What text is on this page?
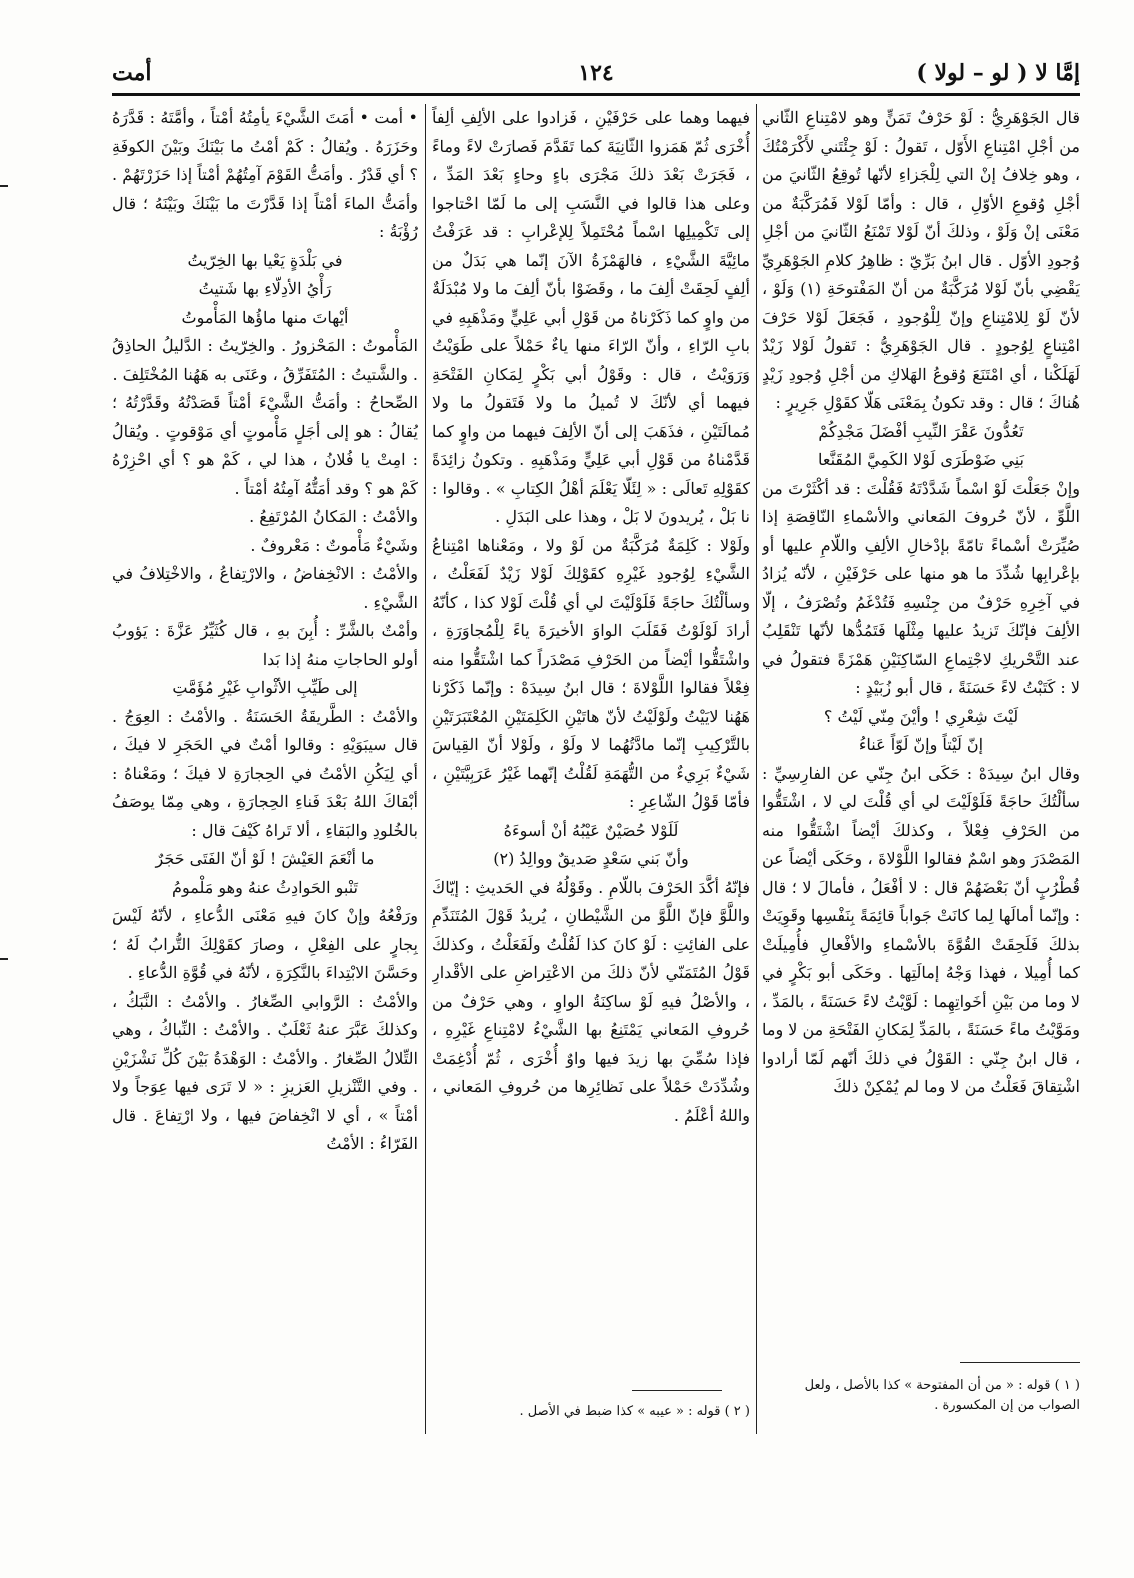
إمَّا لا ( لو – لولا )
١٢٤
أمت

قال الجَوْهَرِيُّ : لَوْ حَرْفٌ تَمَنٍّ وهو لامْتِناعِ الثّاني من أجْلِ امْتِناعِ الأَوّل ، تَقولُ : لَوْ جِئْتَني لأَكْرَمْتُكَ ، وهو خِلافُ إنْ التي لِلْجَزاءِ لأنّها تُوقِعُ الثّانيَ من أجْلِ وُقوعِ الأوّلِ ، قال : وأمّا لَوْلا فَمُرَكَّبَةٌ من مَعْنَى إنْ وَلَوْ ، وذلكَ أنّ لَوْلا تَمْنَعُ الثّانيَ من أجْلِ وُجودِ الأوّل . قال ابنُ بَرِّيّ : ظاهِرُ كلامِ الجَوْهَرِيِّ يَقْضِي بأنّ لَوْلا مُرَكَّبَةٌ من أنّ المَفْتوحَةِ (١) وَلَوْ ، لأنّ لَوْ لِلامْتِناعِ وإنّ لِلْوُجودِ ، فَجَعَلَ لَوْلا حَرْفَ امْتِناعٍ لِوُجودٍ . قال الجَوْهَرِيُّ : تَقولُ لَوْلا زَيْدٌ لَهَلَكْنا ، أي امْتَنَعَ وُقوعُ الهَلاكِ من أجْلِ وُجودِ زَيْدٍ هُناكَ ؛ قال : وقد تكونُ بِمَعْنَى هَلّا كقَوْلِ جَرِيرٍ :

تَعُدُّونَ عَقْرَ النِّيبِ أفْضَلَ مَجْدِكُمْ

بَنِي ضَوْطَرَى لَوْلا الكَمِيَّ المُقَنَّعا

وإنْ جَعَلْتَ لَوْ اسْماً شَدَّدْتَهُ فَقُلْتَ : قد أكْثَرْتَ من اللَّوِّ ، لأنّ حُروفَ المَعاني والأسْماءِ النّاقِصَةِ إذا صُيِّرَتْ أسْماءً تامّةً بإدْخالِ الألِفِ واللّامِ عليها أو بإعْرابِها شُدِّدَ ما هو منها على حَرْفَيْنِ ، لأنّه يُزادُ في آخِرِهِ حَرْفٌ من جِنْسِهِ فَتُدْغَمُ وتُصْرَفُ ، إلّا الألِفَ فإنّكَ تَزيدُ عليها مِثْلَها فَتَمُدُّها لأنّها تَنْقَلِبُ عند التَّحْريكِ لاجْتِماعِ السّاكِنَيْنِ هَمْزَةً فتقولُ في لا : كَتَبْتُ لاءً حَسَنَةً ، قال أبو زُبَيْدٍ :

لَيْتَ شِعْرِي ! وأيْنَ مِنّي لَيْتُ ؟

إنّ لَيْتاً وإنّ لَوّاً عَناءُ

وقال ابنُ سِيدَهْ : حَكَى ابنُ جِنّي عن الفارِسِيِّ : سألْتُكَ حاجَةً فَلَوْلَيْتَ لي أي قُلْتَ لي لا ، اشْتَقُّوا من الحَرْفِ فِعْلاً ، وكذلكَ أيْضاً اشْتَقُّوا منه المَصْدَرَ وهو اسْمٌ فقالوا اللَّوْلاةَ ، وحَكَى أيْضاً عن قُطْرُبٍ أنّ بَعْضَهُمْ قال : لا أفْعَلُ ، فأمالَ لا ؛ قال : وإنّما أمالَها لِما كانَتْ جَواباً قائِمَةً بِنَفْسِها وقَوِيَتْ بذلكَ فَلَحِقَتْ القُوَّةَ بالأسْماءِ والأفْعالِ فأُمِيلَتْ كما أُمِيلا ، فهذا وَجْهُ إمالَتِها . وحَكَى أبو بَكْرٍ في لا وما من بَيْنِ أخَواتِهِما : لَوَّيْتُ لاءً حَسَنَةً ، بالمَدِّ ، ومَوَّيْتُ ماءً حَسَنَةً ، بالمَدِّ لِمَكانِ الفَتْحَةِ من لا وما ، قال ابنُ جِنّي : القَوْلُ في ذلكَ أنّهم لَمّا أرادوا اشْتِقاقَ فَعَلْتُ من لا وما لم يُمْكِنْ ذلكَ

فيهما وهما على حَرْفَيْنِ ، فَزادوا على الألِفِ ألِفاً أُخْرَى ثُمّ هَمَزوا الثّانِيَةَ كما تَقَدَّمَ فَصارَتْ لاءً وماءً ، فَجَرَتْ بَعْدَ ذلكَ مَجْرَى باءٍ وحاءٍ بَعْدَ المَدِّ ، وعلى هذا قالوا في النَّسَبِ إلى ما لَمّا احْتاجوا إلى تَكْمِيلِها اسْماً مُحْتَمِلاً لِلإعْرابِ : قد عَرَفْتُ مائِيَّةَ الشَّيْءِ ، فالهَمْزَةُ الآنَ إنّما هي بَدَلٌ من ألِفٍ لَحِقَتْ ألِفَ ما ، وقَضَوْا بأنّ ألِفَ ما ولا مُبْدَلَةٌ من واوٍ كما ذَكَرْناهُ من قَوْلِ أبي عَلِيٍّ ومَذْهَبِهِ في بابِ الرّاءِ ، وأنّ الرّاءَ منها ياءٌ حَمْلاً على طَوَيْتُ وَرَوَيْتُ ، قال : وقَوْلُ أبي بَكْرٍ لِمَكانِ الفَتْحَةِ فيهما أي لأنّكَ لا تُميلُ ما ولا فَتَقولُ ما ولا مُمالَتَيْنِ ، فذَهَبَ إلى أنّ الألِفَ فيهما من واوٍ كما قَدَّمْناهُ من قَوْلِ أبي عَلِيٍّ ومَذْهَبِهِ . وتكونُ زائِدَةً كقَوْلِهِ تَعالَى : « لِئَلّا يَعْلَمَ أهْلُ الكِتابِ » . وقالوا : نا بَلْ ، يُريدونَ لا بَلْ ، وهذا على البَدَلِ .

ولَوْلا : كَلِمَةٌ مُرَكَّبَةٌ من لَوْ ولا ، ومَعْناها امْتِناعُ الشَّيْءِ لِوُجودِ غَيْرِهِ كقَوْلِكَ لَوْلا زَيْدٌ لَفَعَلْتُ ، وسألْتُكَ حاجَةً فَلَوْلَيْتَ لي أي قُلْتَ لَوْلا كذا ، كأنّهُ أرادَ لَوْلَوْتُ فَقَلَبَ الواوَ الأخيرَةَ ياءً لِلْمُجاوَرَةِ ، واشْتَقُّوا أيْضاً من الحَرْفِ مَصْدَراً كما اشْتَقُّوا منه فِعْلاً فقالوا اللَّوْلاةَ ؛ قال ابنُ سِيدَهْ : وإنّما ذَكَرْنا هَهُنا لايَيْتُ ولَوْلَيْتُ لأنّ هاتَيْنِ الكَلِمَتَيْنِ المُعْتَبَرَتَيْنِ بالتَّرْكِيبِ إنّما مادَّتُهُما لا ولَوْ ، ولَوْلا أنّ القِياسَ شَيْءٌ بَرِيءٌ من التُّهَمَةِ لَقُلْتُ إنّهما غَيْرُ عَرَبِيَّتَيْنِ ، فأمّا قَوْلُ الشّاعِرِ :

لَلَوْلا حُصَيْنٌ عَيْبُهُ أنْ أسوءَهُ

وأنّ بَني سَعْدٍ صَديقٌ ووالِدُ (٢)

فإنّهُ أكَّدَ الحَرْفَ باللّامِ . وقَوْلُهُ في الحَديثِ : إيّاكَ واللَّوَّ فإنّ اللَّوَّ من الشَّيْطانِ ، يُريدُ قَوْلَ المُتَنَدِّمِ على الفائِتِ : لَوْ كانَ كذا لَقُلْتُ ولَفَعَلْتُ ، وكذلكَ قَوْلُ المُتَمَنّي لأنّ ذلكَ من الاعْتِراضِ على الأقْدارِ ، والأصْلُ فيهِ لَوْ ساكِنَةُ الواوِ ، وهي حَرْفٌ من حُروفِ المَعاني يَمْتَنِعُ بها الشَّيْءُ لامْتِناعِ غَيْرِهِ ، فإذا سُمِّيَ بها زيدَ فيها واوٌ أُخْرَى ، ثُمّ أُدْغِمَتْ وشُدِّدَتْ حَمْلاً على نَظائِرِها من حُروفِ المَعاني ، واللهُ أعْلَمُ .

• أمت • أمَتَ الشَّيْءَ يأمِتُهُ أمْتاً ، وأمَّتَهُ : قَدَّرَهُ وحَزَرَهُ . ويُقالُ : كَمْ أمْتُ ما بَيْنَكَ وبَيْنَ الكوفَةِ ؟ أي قَدْرُ . وأمَتُّ القَوْمَ آمِتُهُمْ أمْتاً إذا حَزَرْتَهُمْ . وأمَتُّ الماءَ أمْتاً إذا قَدَّرْتَ ما بَيْنَكَ وبَيْنَهُ ؛ قال رُؤْبَةُ :

في بَلْدَةٍ يَعْيا بها الخِرّيتُ

رَأْيُ الأدِلّاءِ بها شَتيتُ

أيْهاتَ منها ماؤُها المَأْموتُ

المَأْموتُ : المَحْزورُ . والخِرّيتُ : الدَّليلُ الحاذِقُ . والشَّتيتُ : المُتَفَرِّقُ ، وعَنَى به هَهُنا المُخْتَلِفَ .

الصِّحاحُ : وأمَتُّ الشَّيْءَ أمْتاً قَصَدْتُهُ وقَدَّرْتُهُ ؛ يُقالُ : هو إلى أجَلٍ مَأْموتٍ أي مَوْقوتٍ . ويُقالُ : امِتْ يا فُلانُ ، هذا لي ، كَمْ هو ؟ أي احْزِرْهُ كَمْ هو ؟ وقد أمَتُّهُ آمِتُهُ أمْتاً .

والأمْتُ : المَكانُ المُرْتَفِعُ .

وشَيْءٌ مَأْموتٌ : مَعْروفٌ .

والأمْتُ : الانْخِفاضُ ، والارْتِفاعُ ، والاخْتِلافُ في الشَّيْءِ .

وأمْتٌ بالشَّرِّ : أُبِنَ بهِ ، قال كُثَيِّرُ عَزَّةَ : يَؤوبُ أولو الحاجاتِ منهُ إذا بَدا

إلى طَيِّبِ الأثْوابِ غَيْرِ مُؤَمَّتِ

والأمْتُ : الطَّريقَةُ الحَسَنَةُ . والأمْتُ : العِوَجُ . قال سيبَوَيْهِ : وقالوا أمْتٌ في الحَجَرِ لا فيكَ ، أي لِيَكُنِ الأمْتُ في الحِجارَةِ لا فيكَ ؛ ومَعْناهُ : أبْقاكَ اللهُ بَعْدَ فَناءِ الحِجارَةِ ، وهي مِمّا يوصَفُ بالخُلودِ والبَقاءِ ، ألا تَراهُ كَيْفَ قال :

ما أنْعَمَ العَيْشَ ! لَوْ أنّ الفَتَى حَجَرٌ

تَنْبو الحَوادِثُ عنهُ وهو مَلْمومُ

ورَفْعُهُ وإنْ كانَ فيهِ مَعْنَى الدُّعاءِ ، لأنّهُ لَيْسَ بِجارٍ على الفِعْلِ ، وصارَ كقَوْلِكَ التُّرابُ لَهُ ؛ وحَسَّنَ الابْتِداءَ بالنَّكِرَةِ ، لأنّهُ في قُوَّةِ الدُّعاءِ .

والأمْتُ : الرَّوابي الصِّغارُ . والأمْتُ : النَّبَكُ ، وكذلكَ عَبَّرَ عنهُ ثَعْلَبٌ . والأمْتُ : النِّباكُ ، وهي التِّلالُ الصِّغارُ . والأمْتُ : الوَهْدَةُ بَيْنَ كُلِّ نَشْزَيْنِ . وفي التَّنْزيلِ العَزيزِ : « لا تَرَى فيها عِوَجاً ولا أمْتاً » ، أي لا انْخِفاضَ فيها ، ولا ارْتِفاعَ . قال الفَرّاءُ : الأمْتُ

( ١ ) قوله : « من أن المفتوحة » كذا بالأصل ، ولعل الصواب من إن المكسورة .
( ٢ ) قوله : « عيبه » كذا ضبط في الأصل .
